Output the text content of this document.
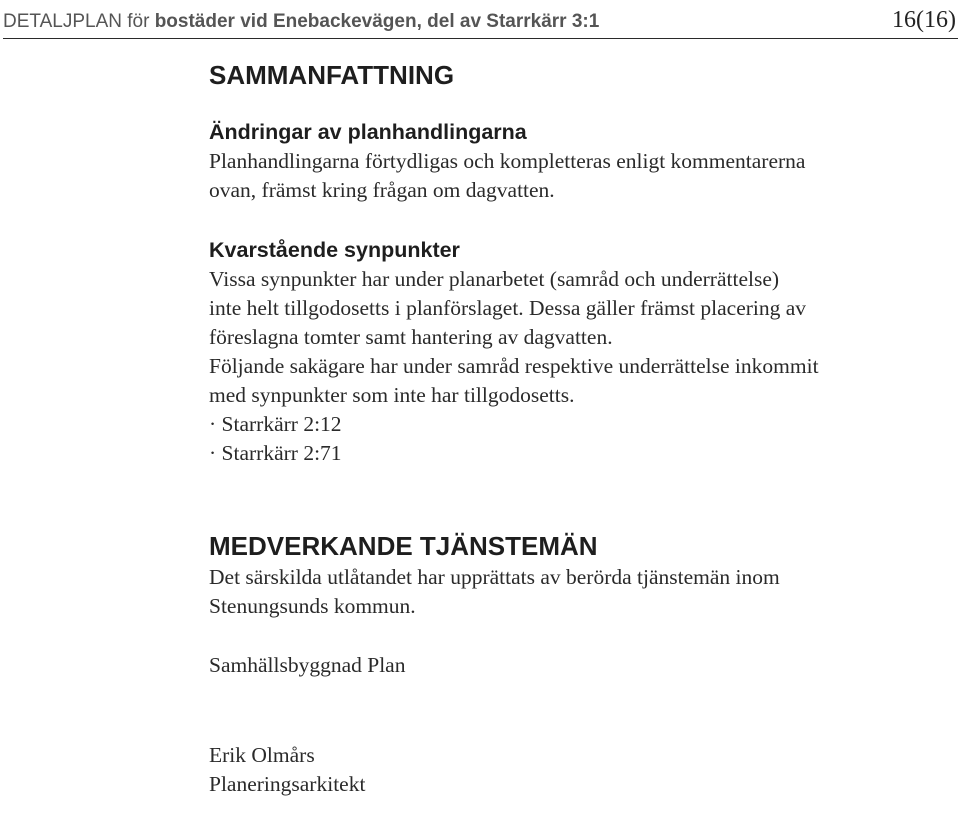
DETALJPLAN för bostäder vid Enebackevägen, del av Starrkärr 3:1	16(16)
SAMMANFATTNING
Ändringar av planhandlingarna

Planhandlingarna förtydligas och kompletteras enligt kommentarerna
ovan, främst kring frågan om dagvatten.

Kvarstående synpunkter

Vissa synpunkter har under planarbetet (samråd och underrättelse)
inte helt tillgodosetts i planförslaget. Dessa gäller främst placering av
föreslagna tomter samt hantering av dagvatten.
Följande sakägare har under samråd respektive underrättelse inkommit
med synpunkter som inte har tillgodosetts.
· Starrkärr 2:12
· Starrkärr 2:71

MEDVERKANDE TJÄNSTEMÄN

Det särskilda utlåtandet har upprättats av berörda tjänstemän inom
Stenungsunds kommun.

Samhällsbyggnad Plan

Erik Olmårs
Planeringsarkitekt
